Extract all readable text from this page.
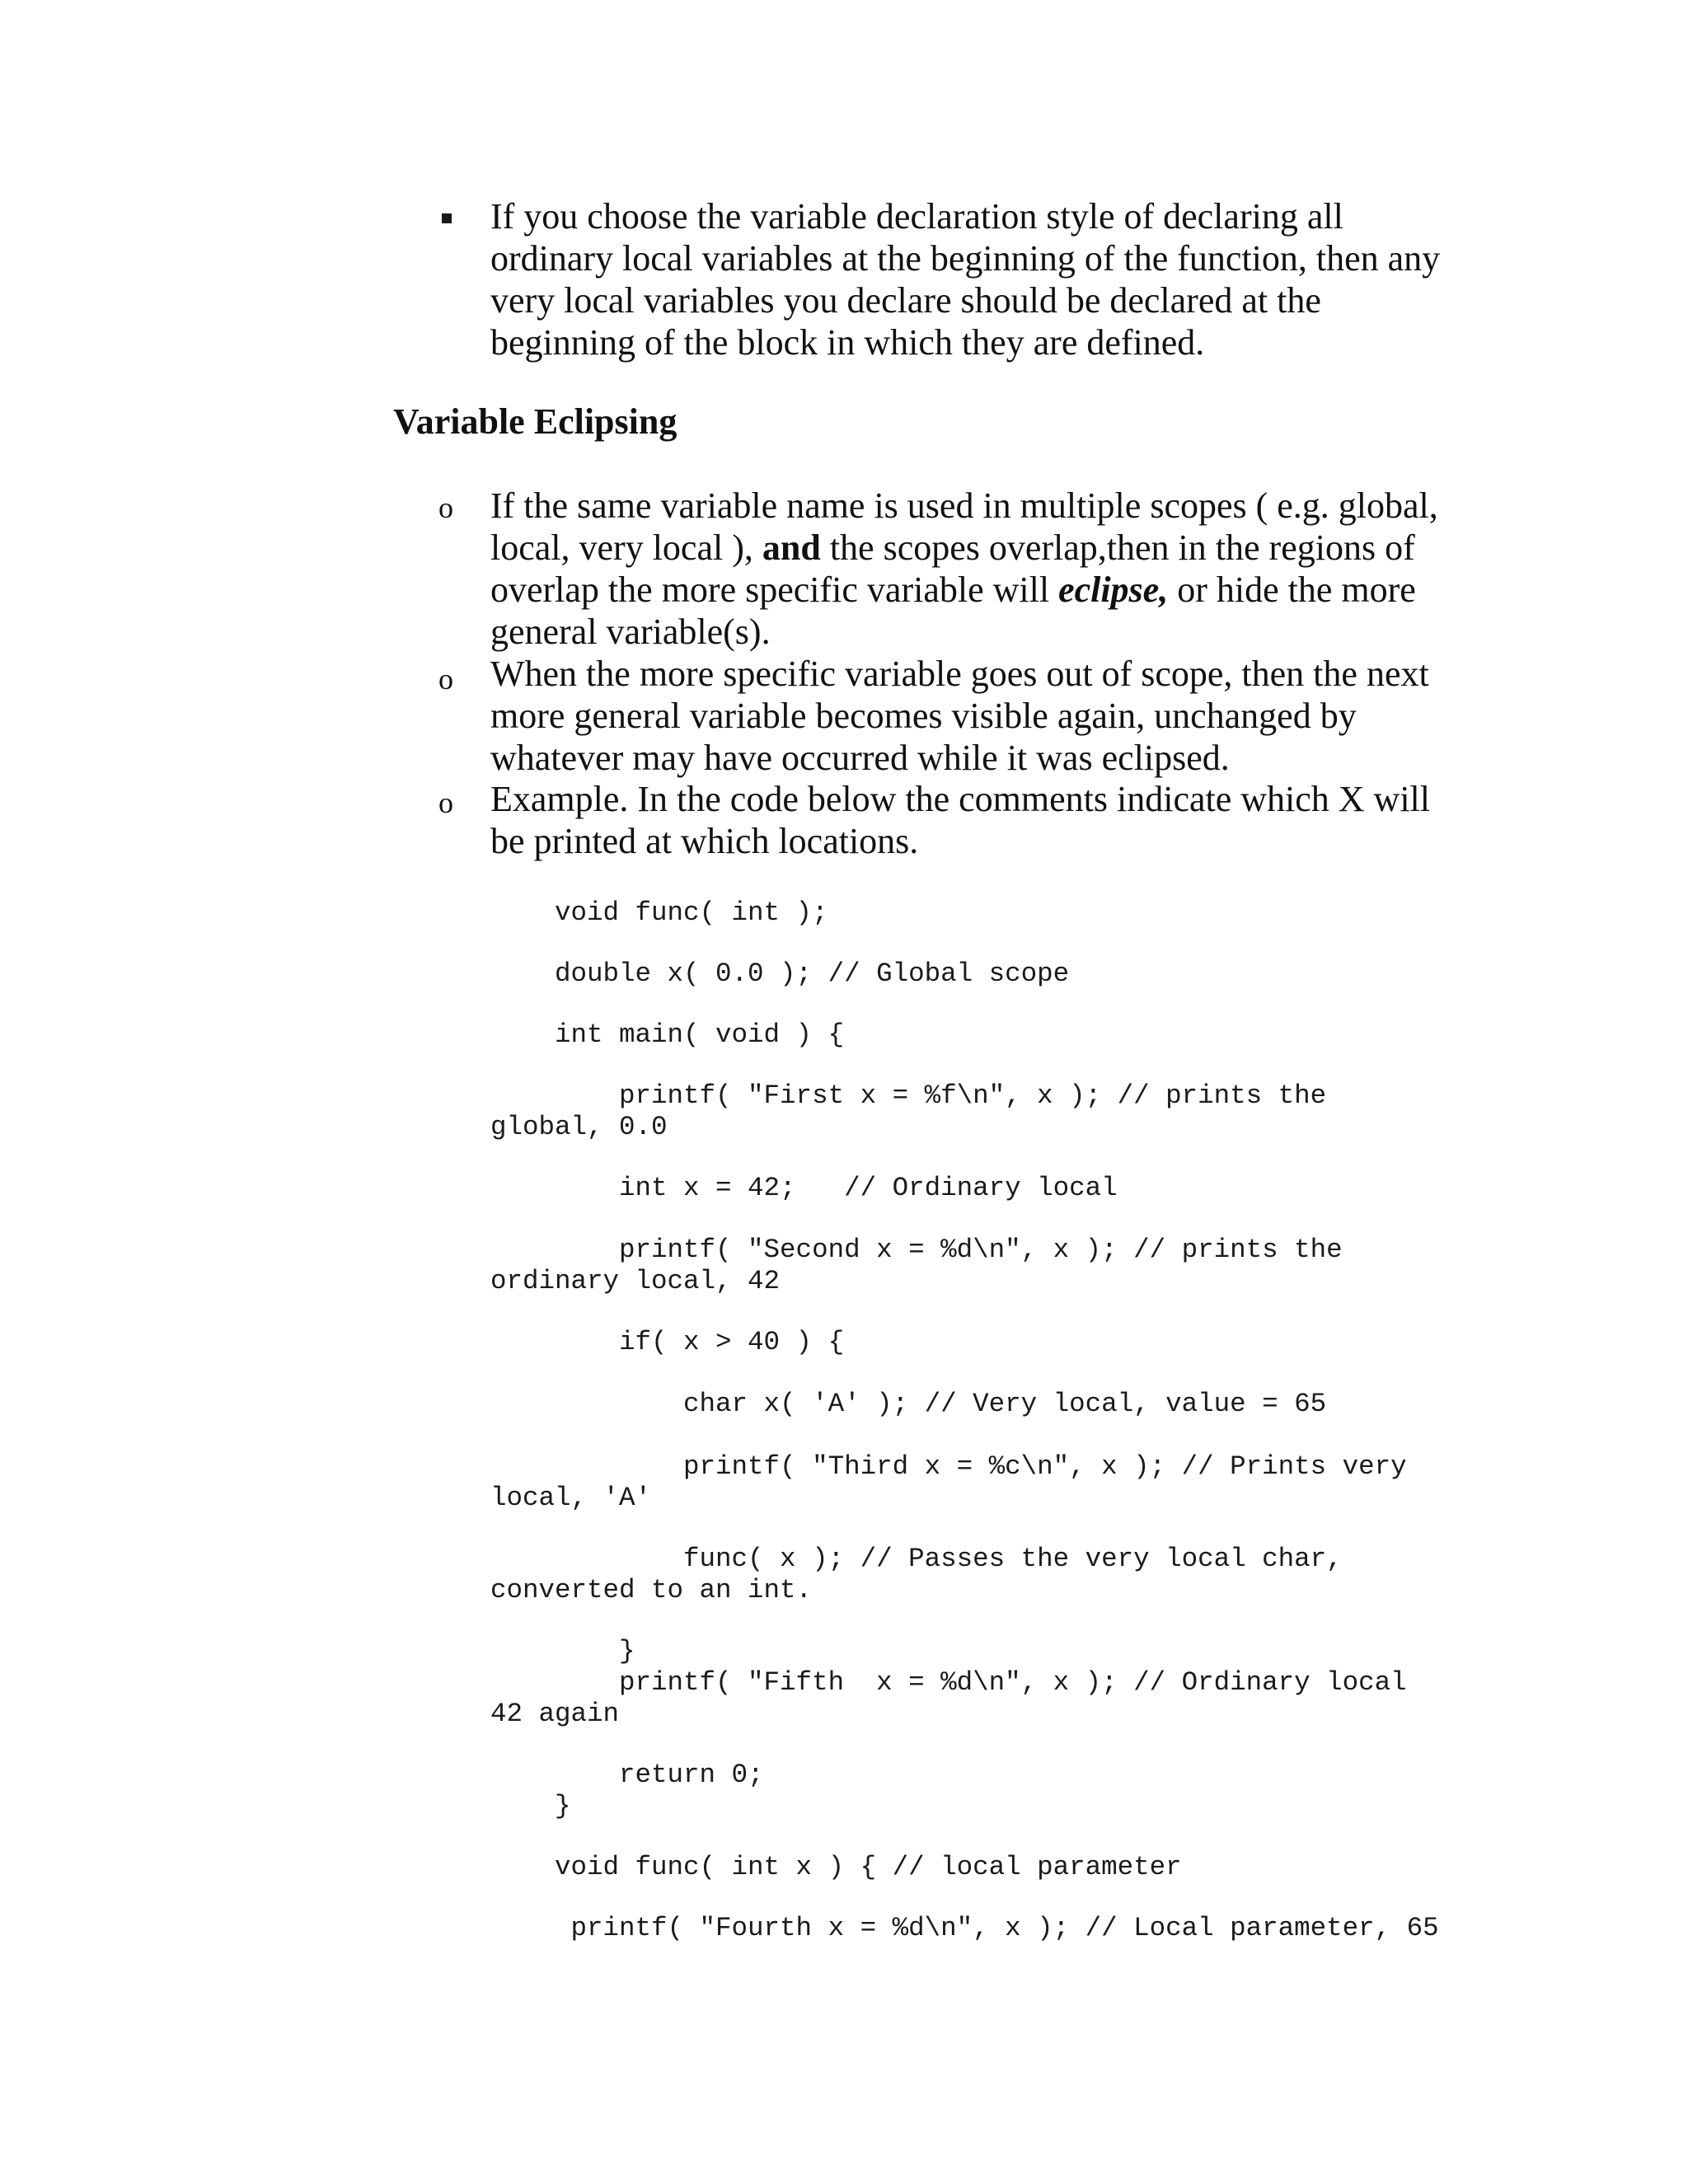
If you choose the variable declaration style of declaring all
ordinary local variables at the beginning of the function, then any
very local variables you declare should be declared at the
beginning of the block in which they are defined.
Variable Eclipsing
o If the same variable name is used in multiple scopes ( e.g. global,
local, very local ), and the scopes overlap,then in the regions of
overlap the more specific variable will eclipse, or hide the more
general variable(s).
o When the more specific variable goes out of scope, then the next
more general variable becomes visible again, unchanged by
whatever may have occurred while it was eclipsed.
o Example. In the code below the comments indicate which X will
be printed at which locations.
void func( int );
double x( 0.0 ); // Global scope
int main( void ) {
printf( "First x = %f\n", x ); // prints the
global, 0.0
int x = 42;   // Ordinary local
printf( "Second x = %d\n", x ); // prints the
ordinary local, 42
if( x > 40 ) {
char x( 'A' ); // Very local, value = 65
printf( "Third x = %c\n", x ); // Prints very
local, 'A'
func( x ); // Passes the very local char,
converted to an int.
}
printf( "Fifth  x = %d\n", x ); // Ordinary local
42 again
return 0;
}
void func( int x ) { // local parameter
printf( "Fourth x = %d\n", x ); // Local parameter, 65
